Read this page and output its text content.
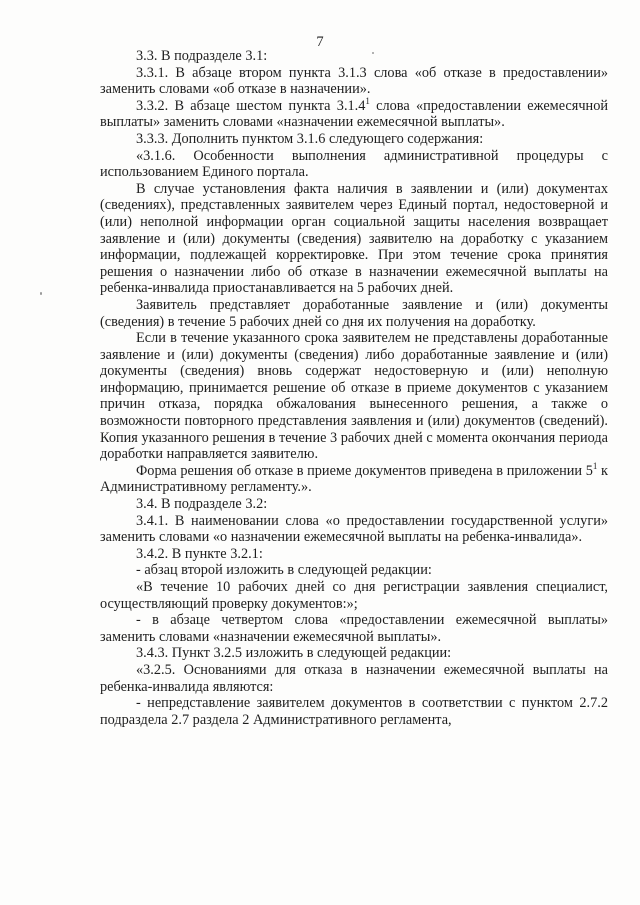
7

3.3. В подразделе 3.1:

3.3.1. В абзаце втором пункта 3.1.3 слова «об отказе в предоставлении» заменить словами «об отказе в назначении».

3.3.2. В абзаце шестом пункта 3.1.4$^1$ слова «предоставлении ежемесячной выплаты» заменить словами «назначении ежемесячной выплаты».

3.3.3. Дополнить пунктом 3.1.6 следующего содержания:

«3.1.6. Особенности выполнения административной процедуры с использованием Единого портала.

В случае установления факта наличия в заявлении и (или) документах (сведениях), представленных заявителем через Единый портал, недостоверной и (или) неполной информации орган социальной защиты населения возвращает заявление и (или) документы (сведения) заявителю на доработку с указанием информации, подлежащей корректировке. При этом течение срока принятия решения о назначении либо об отказе в назначении ежемесячной выплаты на ребенка-инвалида приостанавливается на 5 рабочих дней.

Заявитель представляет доработанные заявление и (или) документы (сведения) в течение 5 рабочих дней со дня их получения на доработку.

Если в течение указанного срока заявителем не представлены доработанные заявление и (или) документы (сведения) либо доработанные заявление и (или) документы (сведения) вновь содержат недостоверную и (или) неполную информацию, принимается решение об отказе в приеме документов с указанием причин отказа, порядка обжалования вынесенного решения, а также о возможности повторного представления заявления и (или) документов (сведений). Копия указанного решения в течение 3 рабочих дней с момента окончания периода доработки направляется заявителю.

Форма решения об отказе в приеме документов приведена в приложении $5^1$ к Административному регламенту.».

3.4. В подразделе 3.2:

3.4.1. В наименовании слова «о предоставлении государственной услуги» заменить словами «о назначении ежемесячной выплаты на ребенка-инвалида».

3.4.2. В пункте 3.2.1:

- абзац второй изложить в следующей редакции:

«В течение 10 рабочих дней со дня регистрации заявления специалист, осуществляющий проверку документов:»;

- в абзаце четвертом слова «предоставлении ежемесячной выплаты» заменить словами «назначении ежемесячной выплаты».

3.4.3. Пункт 3.2.5 изложить в следующей редакции:

«3.2.5. Основаниями для отказа в назначении ежемесячной выплаты на ребенка-инвалида являются:

- непредставление заявителем документов в соответствии с пунктом 2.7.2 подраздела 2.7 раздела 2 Административного регламента,
